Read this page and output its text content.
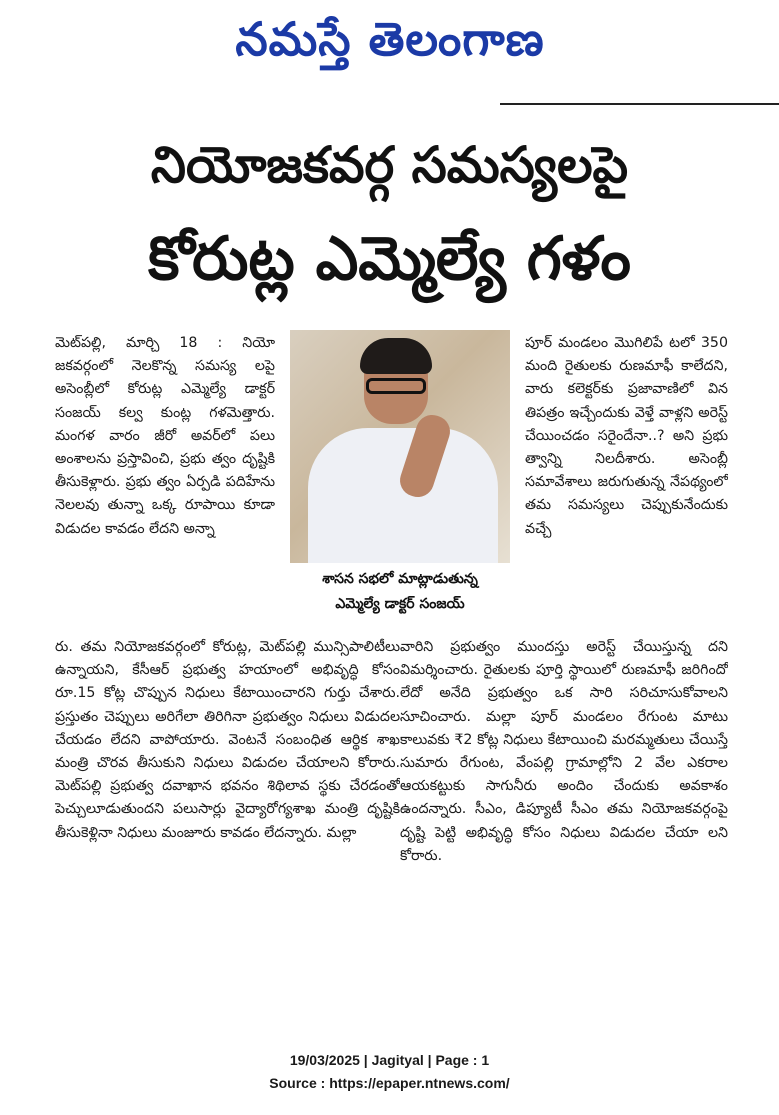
నమస్తే తెలంగాణ
నియోజకవర్గ సమస్యలపై
కోరుట్ల ఎమ్మెల్యే గళం
మెట్‌పల్లి, మార్చి 18 : నియో జకవర్గంలో నెలకొన్న సమస్య లపై అసెంబ్లీలో కోరుట్ల ఎమ్మెల్యే డాక్టర్ సంజయ్ కల్వ కుంట్ల గళమెత్తారు. మంగళ వారం జీరో అవర్‌లో పలు అంశాలను ప్రస్తావించి, ప్రభు త్వం దృష్టికి తీసుకెళ్లారు. ప్రభు త్వం ఏర్పడి పదిహేను నెలలవు తున్నా ఒక్క రూపాయి కూడా విడుదల కావడం లేదని అన్నా
శాసన సభలో మాట్లాడుతున్న
ఎమ్మెల్యే డాక్టర్ సంజయ్
పూర్ మండలం మొగిలిపే టలో 350 మంది రైతులకు రుణమాఫీ కాలేదని, వారు కలెక్టర్‌కు ప్రజావాణిలో విన తిపత్రం ఇచ్చేందుకు వెళ్తే వాళ్లని అరెస్ట్ చేయించడం సరైందేనా..? అని ప్రభు త్వాన్ని నిలదీశారు. అసెంబ్లీ సమావేశాలు జరుగుతున్న నేపథ్యంలో తమ సమస్యలు చెప్పుకునేందుకు వచ్చే
రు. తమ నియోజకవర్గంలో కోరుట్ల, మెట్‌పల్లి మున్సిపాలిటీలు ఉన్నాయని, కేసీఆర్ ప్రభుత్వ హయాంలో అభివృద్ధి కోసం రూ.15 కోట్ల చొప్పున నిధులు కేటాయించారని గుర్తు చేశారు. ప్రస్తుతం చెప్పులు అరిగేలా తిరిగినా ప్రభుత్వం నిధులు విడుదల చేయడం లేదని వాపోయారు. వెంటనే సంబంధిత ఆర్థిక శాఖ మంత్రి చొరవ తీసుకుని నిధులు విడుదల చేయాలని కోరారు. మెట్‌పల్లి ప్రభుత్వ దవాఖాన భవనం శిథిలావ స్థకు చేరడంతో పెచ్చులూడుతుందని పలుసార్లు వైద్యారోగ్యశాఖ మంత్రి దృష్టికి తీసుకెళ్లినా నిధులు మంజూరు కావడం లేదన్నారు. మల్లా
వారిని ప్రభుత్వం ముందస్తు అరెస్ట్ చేయిస్తున్న దని విమర్శించారు. రైతులకు పూర్తి స్థాయిలో రుణమాఫీ జరిగిందో లేదో అనేది ప్రభుత్వం ఒక సారి సరిచూసుకోవాలని సూచించారు. మల్లా పూర్ మండలం రేగుంట మాటు కాలువకు ₹2 కోట్ల నిధులు కేటాయించి మరమ్మతులు చేయిస్తే సుమారు రేగుంట, వేంపల్లి గ్రామాల్లోని 2 వేల ఎకరాల ఆయకట్టుకు సాగునీరు అందిం చేందుకు అవకాశం ఉందన్నారు. సీఎం, డిప్యూటీ సీఎం తమ నియోజకవర్గంపై దృష్టి పెట్టి అభివృద్ధి కోసం నిధులు విడుదల చేయా లని కోరారు.
19/03/2025 | Jagityal | Page : 1
Source : https://epaper.ntnews.com/
